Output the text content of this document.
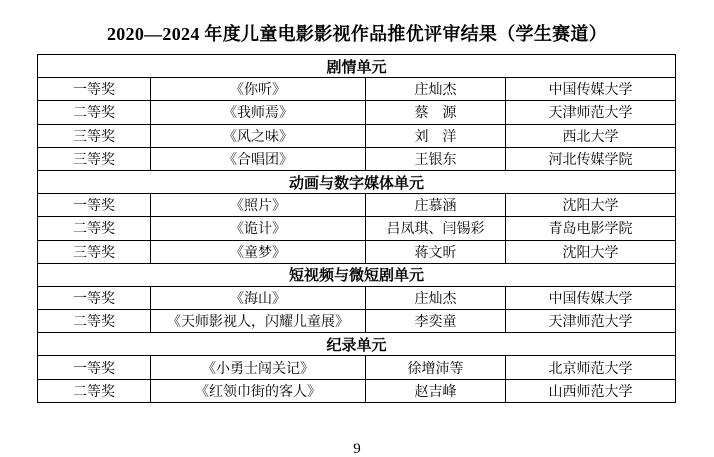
2020—2024 年度儿童电影影视作品推优评审结果（学生赛道）
剧情单元			
一等奖	《你听》	庄灿杰	中国传媒大学
二等奖	《我师焉》	蔡　源	天津师范大学
三等奖	《风之味》	刘　洋	西北大学
三等奖	《合唱团》	王银东	河北传媒学院
动画与数字媒体单元			
一等奖	《照片》	庄慕涵	沈阳大学
二等奖	《诡计》	吕凤琪、闫锡彩	青岛电影学院
三等奖	《童梦》	蒋文昕	沈阳大学
短视频与微短剧单元			
一等奖	《海山》	庄灿杰	中国传媒大学
二等奖	《天师影视人，闪耀儿童展》	李奕童	天津师范大学
纪录单元			
一等奖	《小勇士闯关记》	徐增沛等	北京师范大学
二等奖	《红领巾街的客人》	赵吉峰	山西师范大学
9
